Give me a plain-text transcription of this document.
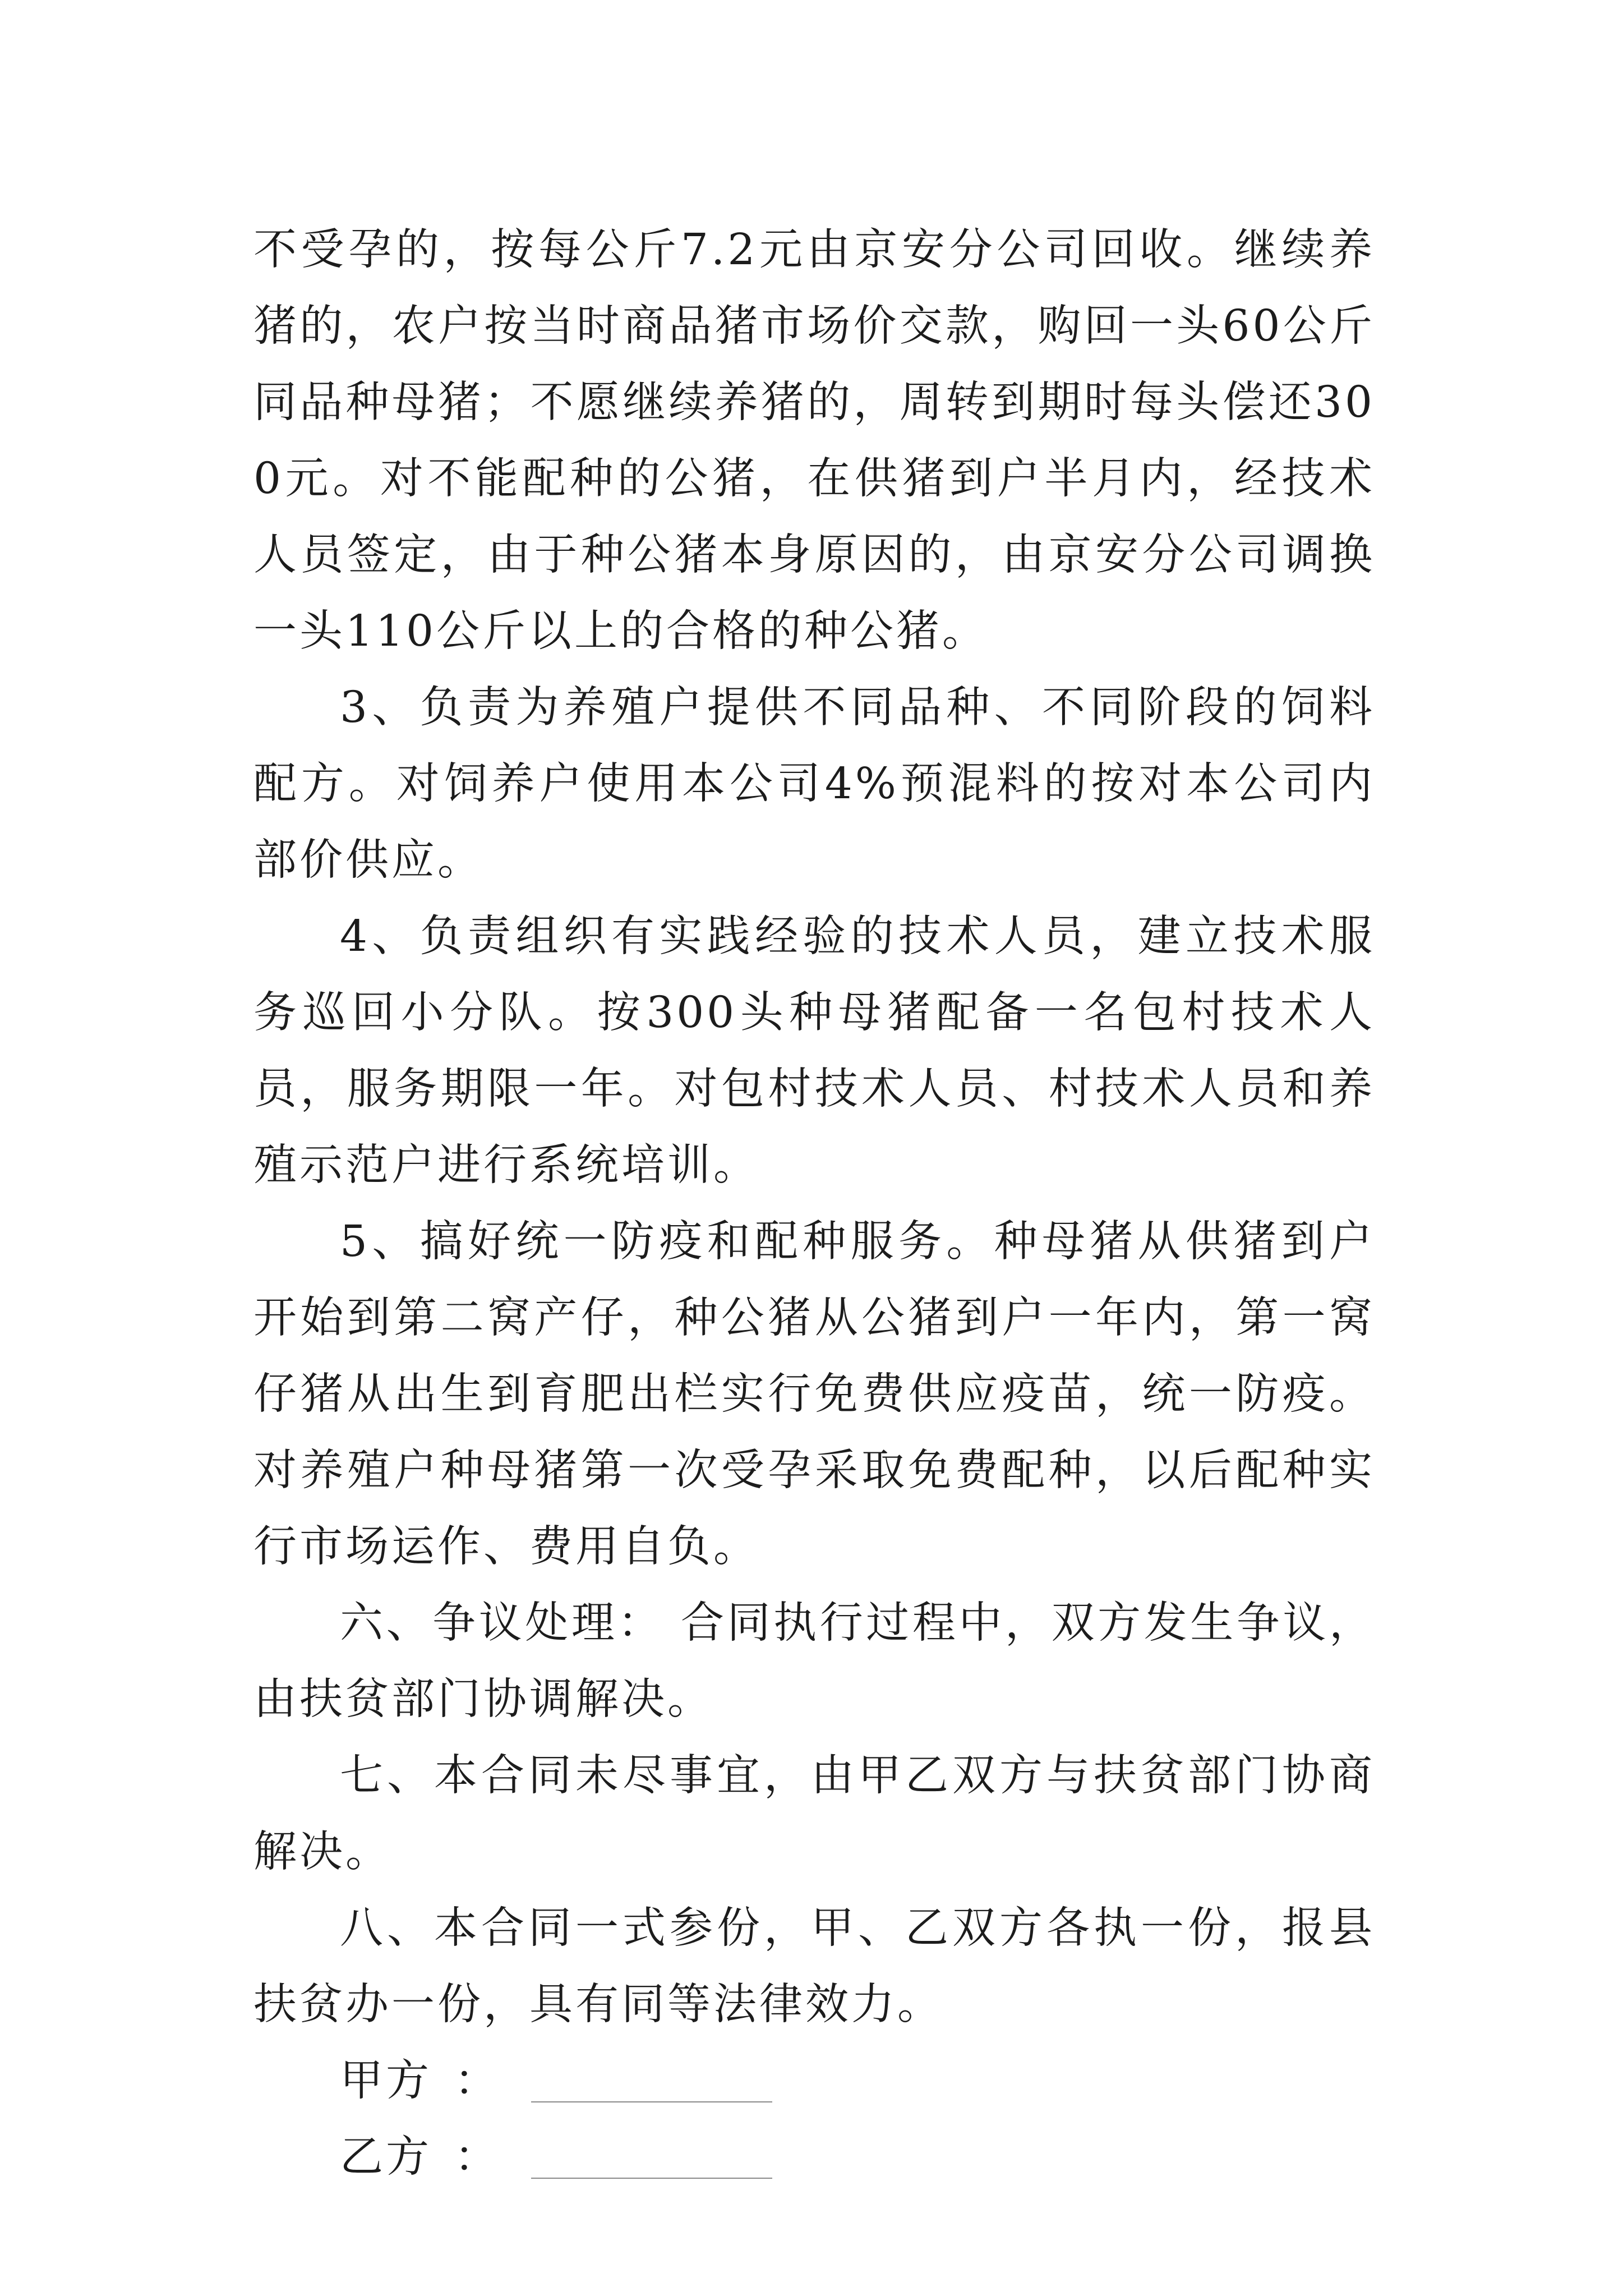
不受孕的，按每公斤7.2元由京安分公司回收。继续养猪的，农户按当时商品猪市场价交款，购回一头60公斤同品种母猪；不愿继续养猪的，周转到期时每头偿还300元。对不能配种的公猪，在供猪到户半月内，经技术人员签定，由于种公猪本身原因的，由京安分公司调换一头110公斤以上的合格的种公猪。

3、负责为养殖户提供不同品种、不同阶段的饲料配方。对饲养户使用本公司4%预混料的按对本公司内部价供应。

4、负责组织有实践经验的技术人员，建立技术服务巡回小分队。按300头种母猪配备一名包村技术人员，服务期限一年。对包村技术人员、村技术人员和养殖示范户进行系统培训。

5、搞好统一防疫和配种服务。种母猪从供猪到户开始到第二窝产仔，种公猪从公猪到户一年内，第一窝仔猪从出生到育肥出栏实行免费供应疫苗，统一防疫。对养殖户种母猪第一次受孕采取免费配种，以后配种实行市场运作、费用自负。

六、争议处理： 合同执行过程中，双方发生争议，由扶贫部门协调解决。

七、本合同未尽事宜，由甲乙双方与扶贫部门协商解决。

八、本合同一式参份，甲、乙双方各执一份，报县扶贫办一份，具有同等法律效力。

甲方 ：
乙方 ：
